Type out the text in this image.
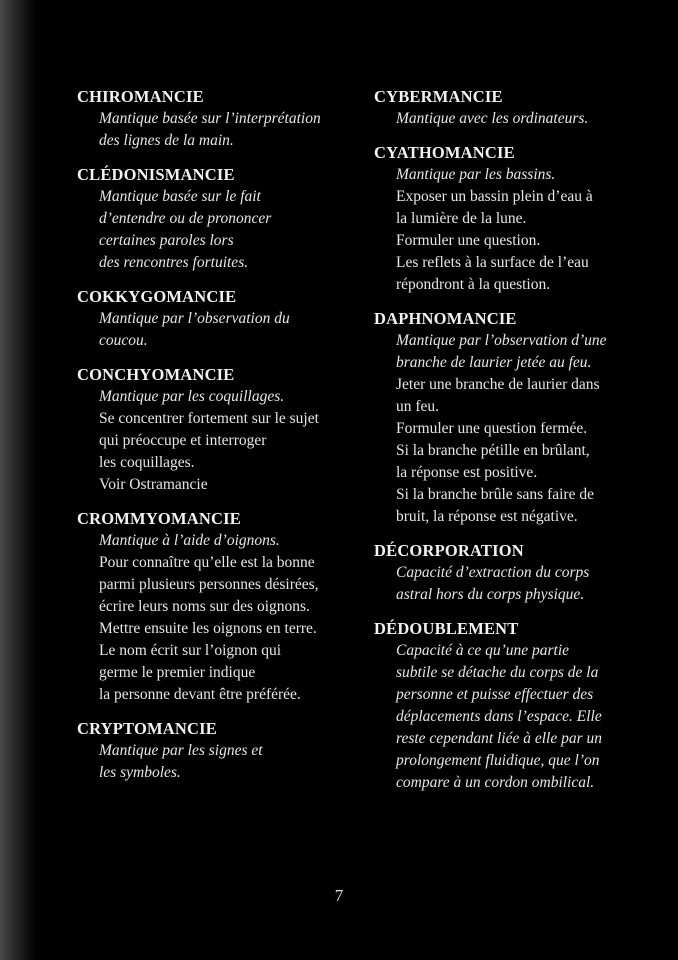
CHIROMANCIE
Mantique basée sur l’interprétation
des lignes de la main.
CLÉDONISMANCIE
Mantique basée sur le fait
d’entendre ou de prononcer
certaines paroles lors
des rencontres fortuites.
COKKYGOMANCIE
Mantique par l’observation du
coucou.
CONCHYOMANCIE
Mantique par les coquillages.
Se concentrer fortement sur le sujet
qui préoccupe et interroger
les coquillages.
Voir Ostramancie
CROMMYOMANCIE
Mantique à l’aide d’oignons.
Pour connaître qu’elle est la bonne
parmi plusieurs personnes désirées,
écrire leurs noms sur des oignons.
Mettre ensuite les oignons en terre.
Le nom écrit sur l’oignon qui
germe le premier indique
la personne devant être préférée.
CRYPTOMANCIE
Mantique par les signes et
les symboles.
CYBERMANCIE
Mantique avec les ordinateurs.
CYATHOMANCIE
Mantique par les bassins.
Exposer un bassin plein d’eau à
la lumière de la lune.
Formuler une question.
Les reflets à la surface de l’eau
répondront à la question.
DAPHNOMANCIE
Mantique par l’observation d’une
branche de laurier jetée au feu.
Jeter une branche de laurier dans
un feu.
Formuler une question fermée.
Si la branche pétille en brûlant,
la réponse est positive.
Si la branche brûle sans faire de
bruit, la réponse est négative.
DÉCORPORATION
Capacité d’extraction du corps
astral hors du corps physique.
DÉDOUBLEMENT
Capacité à ce qu’une partie
subtile se détache du corps de la
personne et puisse effectuer des
déplacements dans l’espace. Elle
reste cependant liée à elle par un
prolongement fluidique, que l’on
compare à un cordon ombilical.
7
